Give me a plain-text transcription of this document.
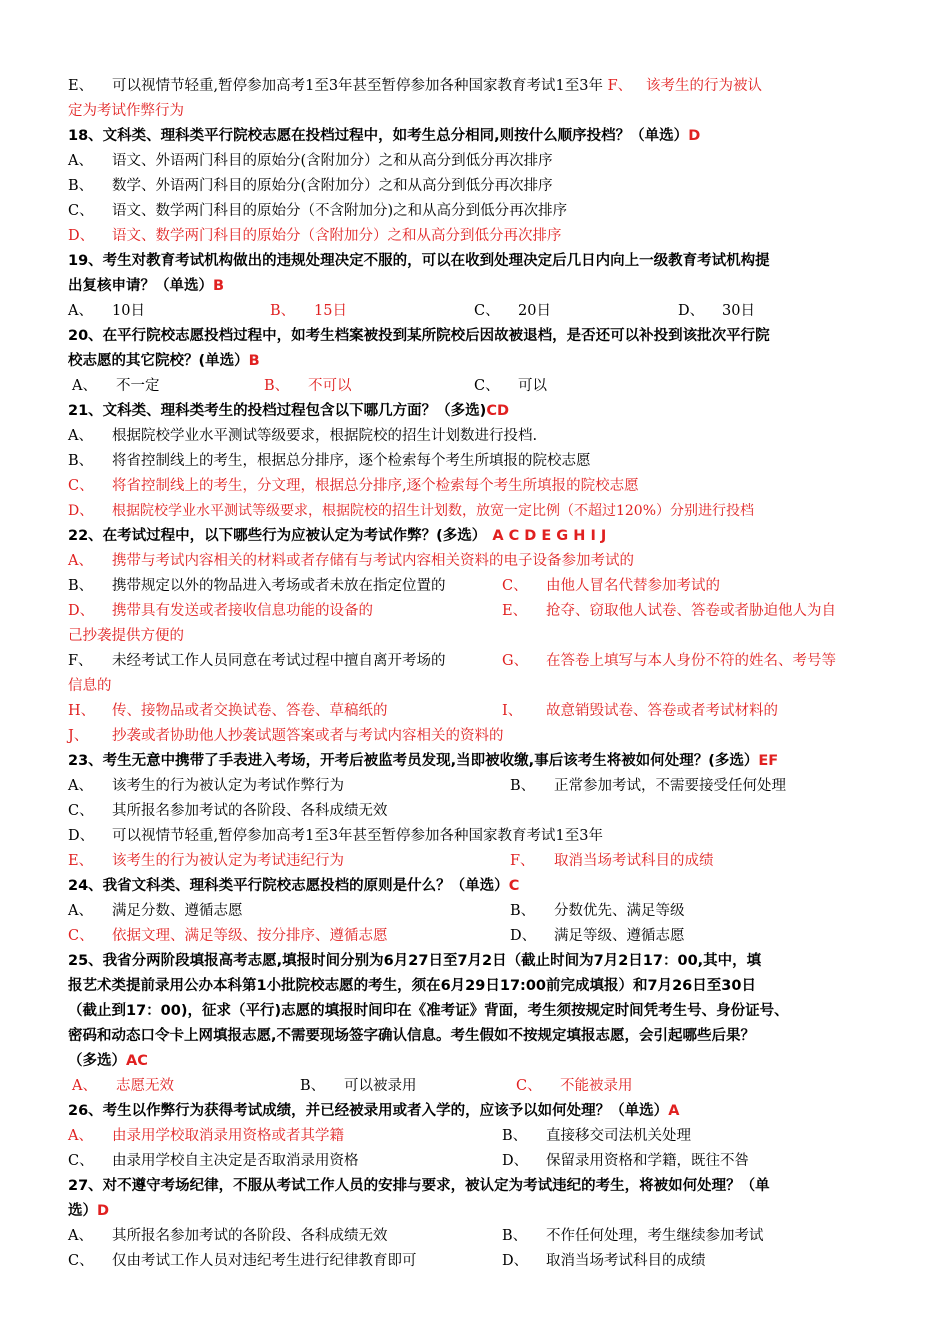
E、 可以视情节轻重,暂停参加高考1至3年甚至暂停参加各种国家教育考试1至3年 F、 该考生的行为被认
定为考试作弊行为
18、文科类、理科类平行院校志愿在投档过程中，如考生总分相同,则按什么顺序投档？（单选）D
A、 语文、外语两门科目的原始分(含附加分）之和从高分到低分再次排序
B、 数学、外语两门科目的原始分(含附加分）之和从高分到低分再次排序
C、 语文、数学两门科目的原始分（不含附加分)之和从高分到低分再次排序
D、 语文、数学两门科目的原始分（含附加分）之和从高分到低分再次排序
19、考生对教育考试机构做出的违规处理决定不服的，可以在收到处理决定后几日内向上一级教育考试机构提
出复核申请？（单选）B
A、 10日	B、 15日	C、 20日	D、 30日
20、在平行院校志愿投档过程中，如考生档案被投到某所院校后因故被退档，是否还可以补投到该批次平行院
校志愿的其它院校？(单选）B
A、 不一定	B、 不可以	C、 可以
21、文科类、理科类考生的投档过程包含以下哪几方面？（多选)CD
A、 根据院校学业水平测试等级要求，根据院校的招生计划数进行投档.
B、 将省控制线上的考生，根据总分排序，逐个检索每个考生所填报的院校志愿
C、 将省控制线上的考生，分文理，根据总分排序,逐个检索每个考生所填报的院校志愿
D、 根据院校学业水平测试等级要求，根据院校的招生计划数，放宽一定比例（不超过120%）分别进行投档
22、在考试过程中，以下哪些行为应被认定为考试作弊？(多选） A C D E G H I J
A、 携带与考试内容相关的材料或者存储有与考试内容相关资料的电子设备参加考试的
B、 携带规定以外的物品进入考场或者未放在指定位置的	C、 由他人冒名代替参加考试的
D、 携带具有发送或者接收信息功能的设备的	E、 抢夺、窃取他人试卷、答卷或者胁迫他人为自
己抄袭提供方便的
F、 未经考试工作人员同意在考试过程中擅自离开考场的	G、 在答卷上填写与本人身份不符的姓名、考号等
信息的
H、 传、接物品或者交换试卷、答卷、草稿纸的	I、 故意销毁试卷、答卷或者考试材料的
J、 抄袭或者协助他人抄袭试题答案或者与考试内容相关的资料的
23、考生无意中携带了手表进入考场，开考后被监考员发现,当即被收缴,事后该考生将被如何处理？(多选）EF
A、 该考生的行为被认定为考试作弊行为	B、 正常参加考试，不需要接受任何处理
C、 其所报名参加考试的各阶段、各科成绩无效
D、 可以视情节轻重,暂停参加高考1至3年甚至暂停参加各种国家教育考试1至3年
E、 该考生的行为被认定为考试违纪行为	F、 取消当场考试科目的成绩
24、我省文科类、理科类平行院校志愿投档的原则是什么？（单选）C
A、 满足分数、遵循志愿	B、 分数优先、满足等级
C、 依据文理、满足等级、按分排序、遵循志愿	D、 满足等级、遵循志愿
25、我省分两阶段填报高考志愿,填报时间分别为6月27日至7月2日（截止时间为7月2日17：00,其中，填
报艺术类提前录用公办本科第1小批院校志愿的考生，须在6月29日17:00前完成填报）和7月26日至30日
（截止到17：00)，征求（平行)志愿的填报时间印在《准考证》背面，考生须按规定时间凭考生号、身份证号、
密码和动态口令卡上网填报志愿,不需要现场签字确认信息。考生假如不按规定填报志愿，会引起哪些后果？
（多选）AC
A、 志愿无效	B、 可以被录用	C、 不能被录用
26、考生以作弊行为获得考试成绩，并已经被录用或者入学的，应该予以如何处理？（单选）A
A、 由录用学校取消录用资格或者其学籍	B、 直接移交司法机关处理
C、 由录用学校自主决定是否取消录用资格	D、 保留录用资格和学籍，既往不咎
27、对不遵守考场纪律，不服从考试工作人员的安排与要求，被认定为考试违纪的考生，将被如何处理？（单
选）D
A、 其所报名参加考试的各阶段、各科成绩无效	B、 不作任何处理，考生继续参加考试
C、 仅由考试工作人员对违纪考生进行纪律教育即可	D、 取消当场考试科目的成绩
